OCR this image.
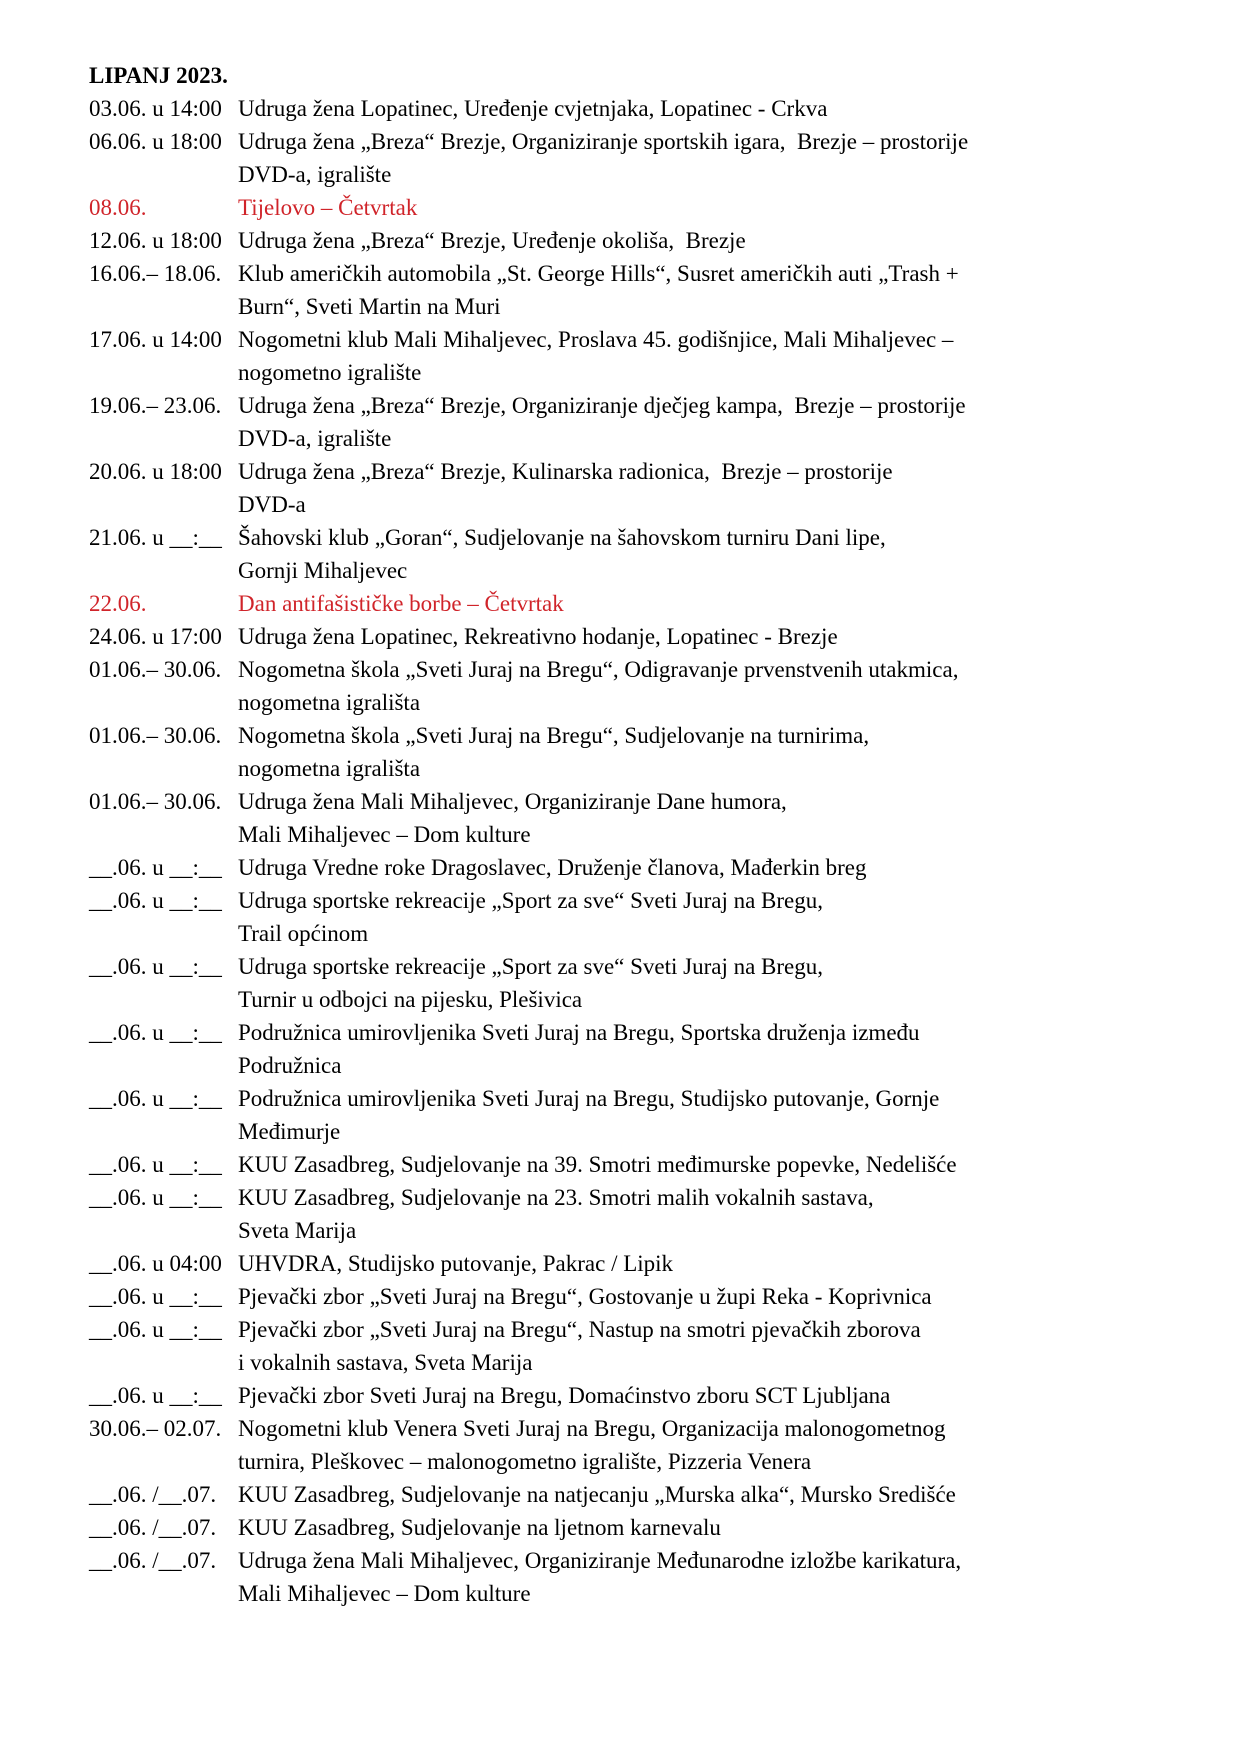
LIPANJ 2023.
03.06. u 14:00 Udruga žena Lopatinec, Uređenje cvjetnjaka, Lopatinec - Crkva
06.06. u 18:00 Udruga žena „Breza“ Brezje, Organiziranje sportskih igara,  Brezje – prostorije
DVD-a, igralište
08.06.	Tijelovo – Četvrtak
12.06. u 18:00 Udruga žena „Breza“ Brezje, Uređenje okoliša,  Brezje
16.06.– 18.06. Klub američkih automobila „St. George Hills“, Susret američkih auti „Trash +
Burn“, Sveti Martin na Muri
17.06. u 14:00 Nogometni klub Mali Mihaljevec, Proslava 45. godišnjice, Mali Mihaljevec –
nogometno igralište
19.06.– 23.06. Udruga žena „Breza“ Brezje, Organiziranje dječjeg kampa,  Brezje – prostorije
DVD-a, igralište
20.06. u 18:00 Udruga žena „Breza“ Brezje, Kulinarska radionica,  Brezje – prostorije
DVD-a
21.06. u __:__ Šahovski klub „Goran“, Sudjelovanje na šahovskom turniru Dani lipe,
Gornji Mihaljevec
22.06.	Dan antifašističke borbe – Četvrtak
24.06. u 17:00 Udruga žena Lopatinec, Rekreativno hodanje, Lopatinec - Brezje
01.06.– 30.06. Nogometna škola „Sveti Juraj na Bregu“, Odigravanje prvenstvenih utakmica,
nogometna igrališta
01.06.– 30.06. Nogometna škola „Sveti Juraj na Bregu“, Sudjelovanje na turnirima,
nogometna igrališta
01.06.– 30.06. Udruga žena Mali Mihaljevec, Organiziranje Dane humora,
Mali Mihaljevec – Dom kulture
__.06. u __:__ Udruga Vredne roke Dragoslavec, Druženje članova, Mađerkin breg
__.06. u __:__ Udruga sportske rekreacije „Sport za sve“ Sveti Juraj na Bregu,
Trail općinom
__.06. u __:__ Udruga sportske rekreacije „Sport za sve“ Sveti Juraj na Bregu,
Turnir u odbojci na pijesku, Plešivica
__.06. u __:__ Podružnica umirovljenika Sveti Juraj na Bregu, Sportska druženja između
Podružnica
__.06. u __:__ Podružnica umirovljenika Sveti Juraj na Bregu, Studijsko putovanje, Gornje
Međimurje
__.06. u __:__ KUU Zasadbreg, Sudjelovanje na 39. Smotri međimurske popevke, Nedelišće
__.06. u __:__ KUU Zasadbreg, Sudjelovanje na 23. Smotri malih vokalnih sastava,
Sveta Marija
__.06. u 04:00 UHVDRA, Studijsko putovanje, Pakrac / Lipik
__.06. u __:__ Pjevački zbor „Sveti Juraj na Bregu“, Gostovanje u župi Reka - Koprivnica
__.06. u __:__ Pjevački zbor „Sveti Juraj na Bregu“, Nastup na smotri pjevačkih zborova
i vokalnih sastava, Sveta Marija
__.06. u __:__ Pjevački zbor Sveti Juraj na Bregu, Domaćinstvo zboru SCT Ljubljana
30.06.– 02.07. Nogometni klub Venera Sveti Juraj na Bregu, Organizacija malonogometnog
turnira, Pleškovec – malonogometno igralište, Pizzeria Venera
__.06. /__.07. KUU Zasadbreg, Sudjelovanje na natjecanju „Murska alka“, Mursko Središće
__.06. /__.07. KUU Zasadbreg, Sudjelovanje na ljetnom karnevalu
__.06. /__.07. Udruga žena Mali Mihaljevec, Organiziranje Međunarodne izložbe karikatura,
Mali Mihaljevec – Dom kulture
